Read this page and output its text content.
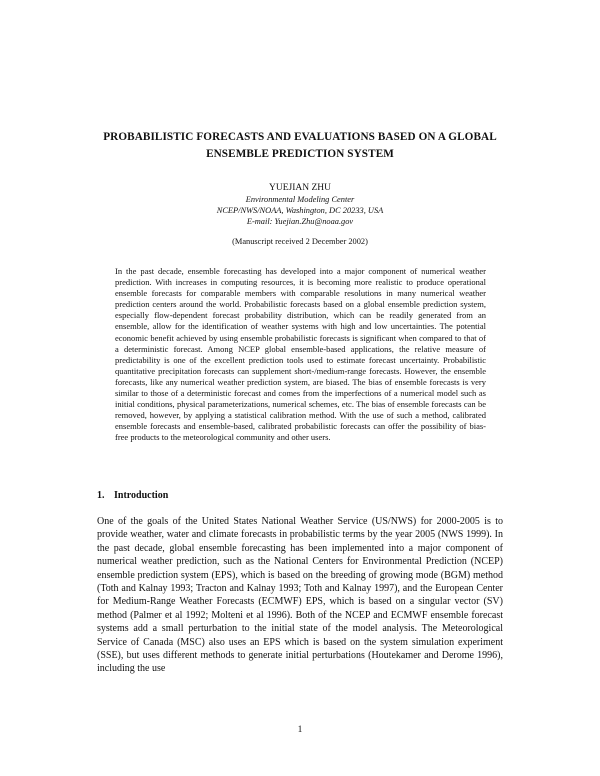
PROBABILISTIC FORECASTS AND EVALUATIONS BASED ON A GLOBAL ENSEMBLE PREDICTION SYSTEM
YUEJIAN ZHU
Environmental Modeling Center
NCEP/NWS/NOAA, Washington, DC 20233, USA
E-mail: Yuejian.Zhu@noaa.gov
(Manuscript received 2 December 2002)

In the past decade, ensemble forecasting has developed into a major component of numerical weather prediction. With increases in computing resources, it is becoming more realistic to produce operational ensemble forecasts for comparable members with comparable resolutions in many numerical weather prediction centers around the world. Probabilistic forecasts based on a global ensemble prediction system, especially flow-dependent forecast probability distribution, which can be readily generated from an ensemble, allow for the identification of weather systems with high and low uncertainties. The potential economic benefit achieved by using ensemble probabilistic forecasts is significant when compared to that of a deterministic forecast. Among NCEP global ensemble-based applications, the relative measure of predictability is one of the excellent prediction tools used to estimate forecast uncertainty. Probabilistic quantitative precipitation forecasts can supplement short-/medium-range forecasts. However, the ensemble forecasts, like any numerical weather prediction system, are biased. The bias of ensemble forecasts is very similar to those of a deterministic forecast and comes from the imperfections of a numerical model such as initial conditions, physical parameterizations, numerical schemes, etc. The bias of ensemble forecasts can be removed, however, by applying a statistical calibration method. With the use of such a method, calibrated ensemble forecasts and ensemble-based, calibrated probabilistic forecasts can offer the possibility of bias-free products to the meteorological community and other users.

1. Introduction

One of the goals of the United States National Weather Service (US/NWS) for 2000-2005 is to provide weather, water and climate forecasts in probabilistic terms by the year 2005 (NWS 1999). In the past decade, global ensemble forecasting has been implemented into a major component of numerical weather prediction, such as the National Centers for Environmental Prediction (NCEP) ensemble prediction system (EPS), which is based on the breeding of growing mode (BGM) method (Toth and Kalnay 1993; Tracton and Kalnay 1993; Toth and Kalnay 1997), and the European Center for Medium-Range Weather Forecasts (ECMWF) EPS, which is based on a singular vector (SV) method (Palmer et al 1992; Molteni et al 1996). Both of the NCEP and ECMWF ensemble forecast systems add a small perturbation to the initial state of the model analysis. The Meteorological Service of Canada (MSC) also uses an EPS which is based on the system simulation experiment (SSE), but uses different methods to generate initial perturbations (Houtekamer and Derome 1996), including the use

1
